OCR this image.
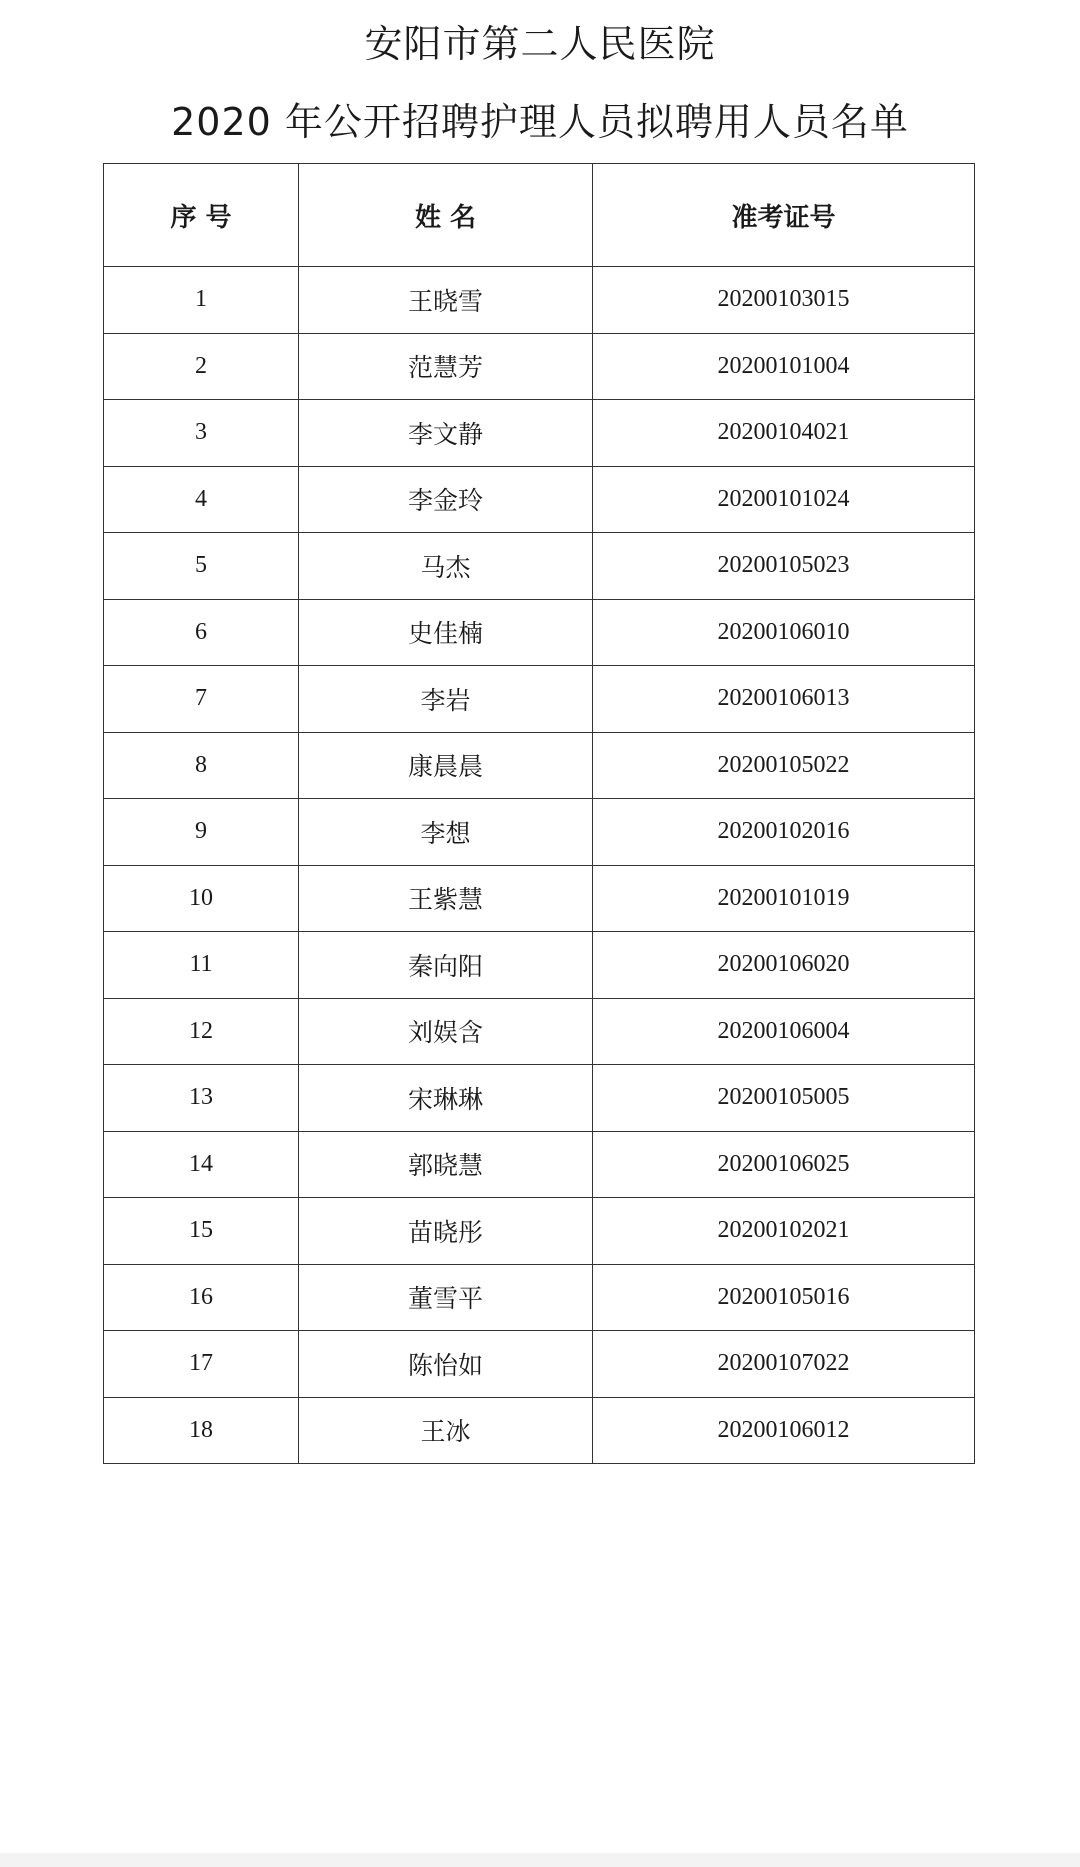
安阳市第二人民医院
2020 年公开招聘护理人员拟聘用人员名单
序 号	姓 名	准考证号
1	王晓雪	20200103015
2	范慧芳	20200101004
3	李文静	20200104021
4	李金玲	20200101024
5	马杰	20200105023
6	史佳楠	20200106010
7	李岩	20200106013
8	康晨晨	20200105022
9	李想	20200102016
10	王紫慧	20200101019
11	秦向阳	20200106020
12	刘娱含	20200106004
13	宋琳琳	20200105005
14	郭晓慧	20200106025
15	苗晓彤	20200102021
16	董雪平	20200105016
17	陈怡如	20200107022
18	王冰	20200106012
